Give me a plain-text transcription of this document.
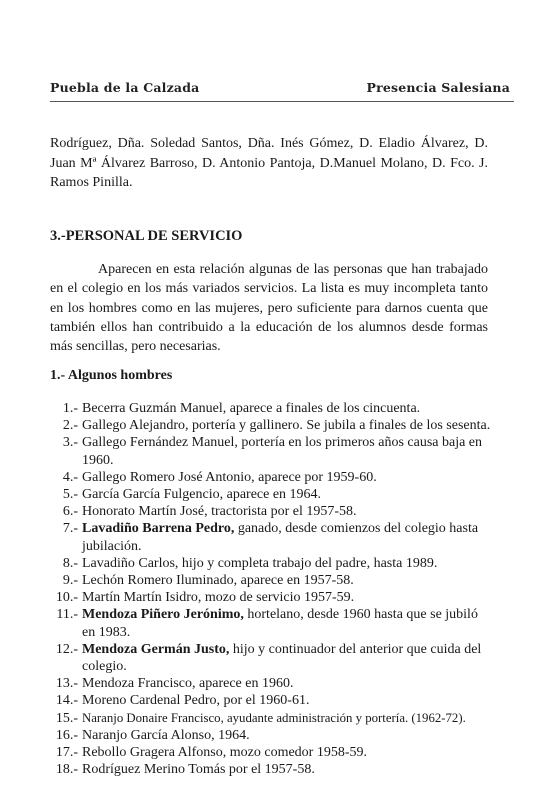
Puebla de la Calzada	Presencia Salesiana
Rodríguez, Dña. Soledad Santos, Dña. Inés Gómez, D. Eladio Álvarez, D. Juan Mª Álvarez Barroso, D. Antonio Pantoja, D.Manuel Molano, D. Fco. J. Ramos Pinilla.
3.-PERSONAL DE SERVICIO
Aparecen en esta relación algunas de las personas que han trabajado en el colegio en los más variados servicios. La lista es muy incompleta tanto en los hombres como en las mujeres, pero suficiente para darnos cuenta que también ellos han contribuido a la educación de los alumnos desde formas más sencillas, pero necesarias.
1.- Algunos hombres
1.- Becerra Guzmán Manuel, aparece a finales de los cincuenta.
2.- Gallego Alejandro, portería y gallinero. Se jubila a finales de los sesenta.
3.- Gallego Fernández Manuel, portería en los primeros años causa baja en 1960.
4.- Gallego Romero José Antonio, aparece por 1959-60.
5.- García García Fulgencio, aparece en 1964.
6.- Honorato Martín José, tractorista por el 1957-58.
7.- Lavadiño Barrena Pedro, ganado, desde comienzos del colegio hasta jubilación.
8.- Lavadiño Carlos, hijo y completa trabajo del padre, hasta 1989.
9.- Lechón Romero Iluminado, aparece en 1957-58.
10.- Martín Martín Isidro, mozo de servicio 1957-59.
11.- Mendoza Piñero Jerónimo, hortelano, desde 1960 hasta que se jubiló en 1983.
12.- Mendoza Germán Justo, hijo y continuador del anterior que cuida del colegio.
13.- Mendoza Francisco, aparece en 1960.
14.- Moreno Cardenal Pedro, por el 1960-61.
15.- Naranjo Donaire Francisco, ayudante administración y portería. (1962-72).
16.- Naranjo García Alonso, 1964.
17.- Rebollo Gragera Alfonso, mozo comedor 1958-59.
18.- Rodríguez Merino Tomás por el 1957-58.
